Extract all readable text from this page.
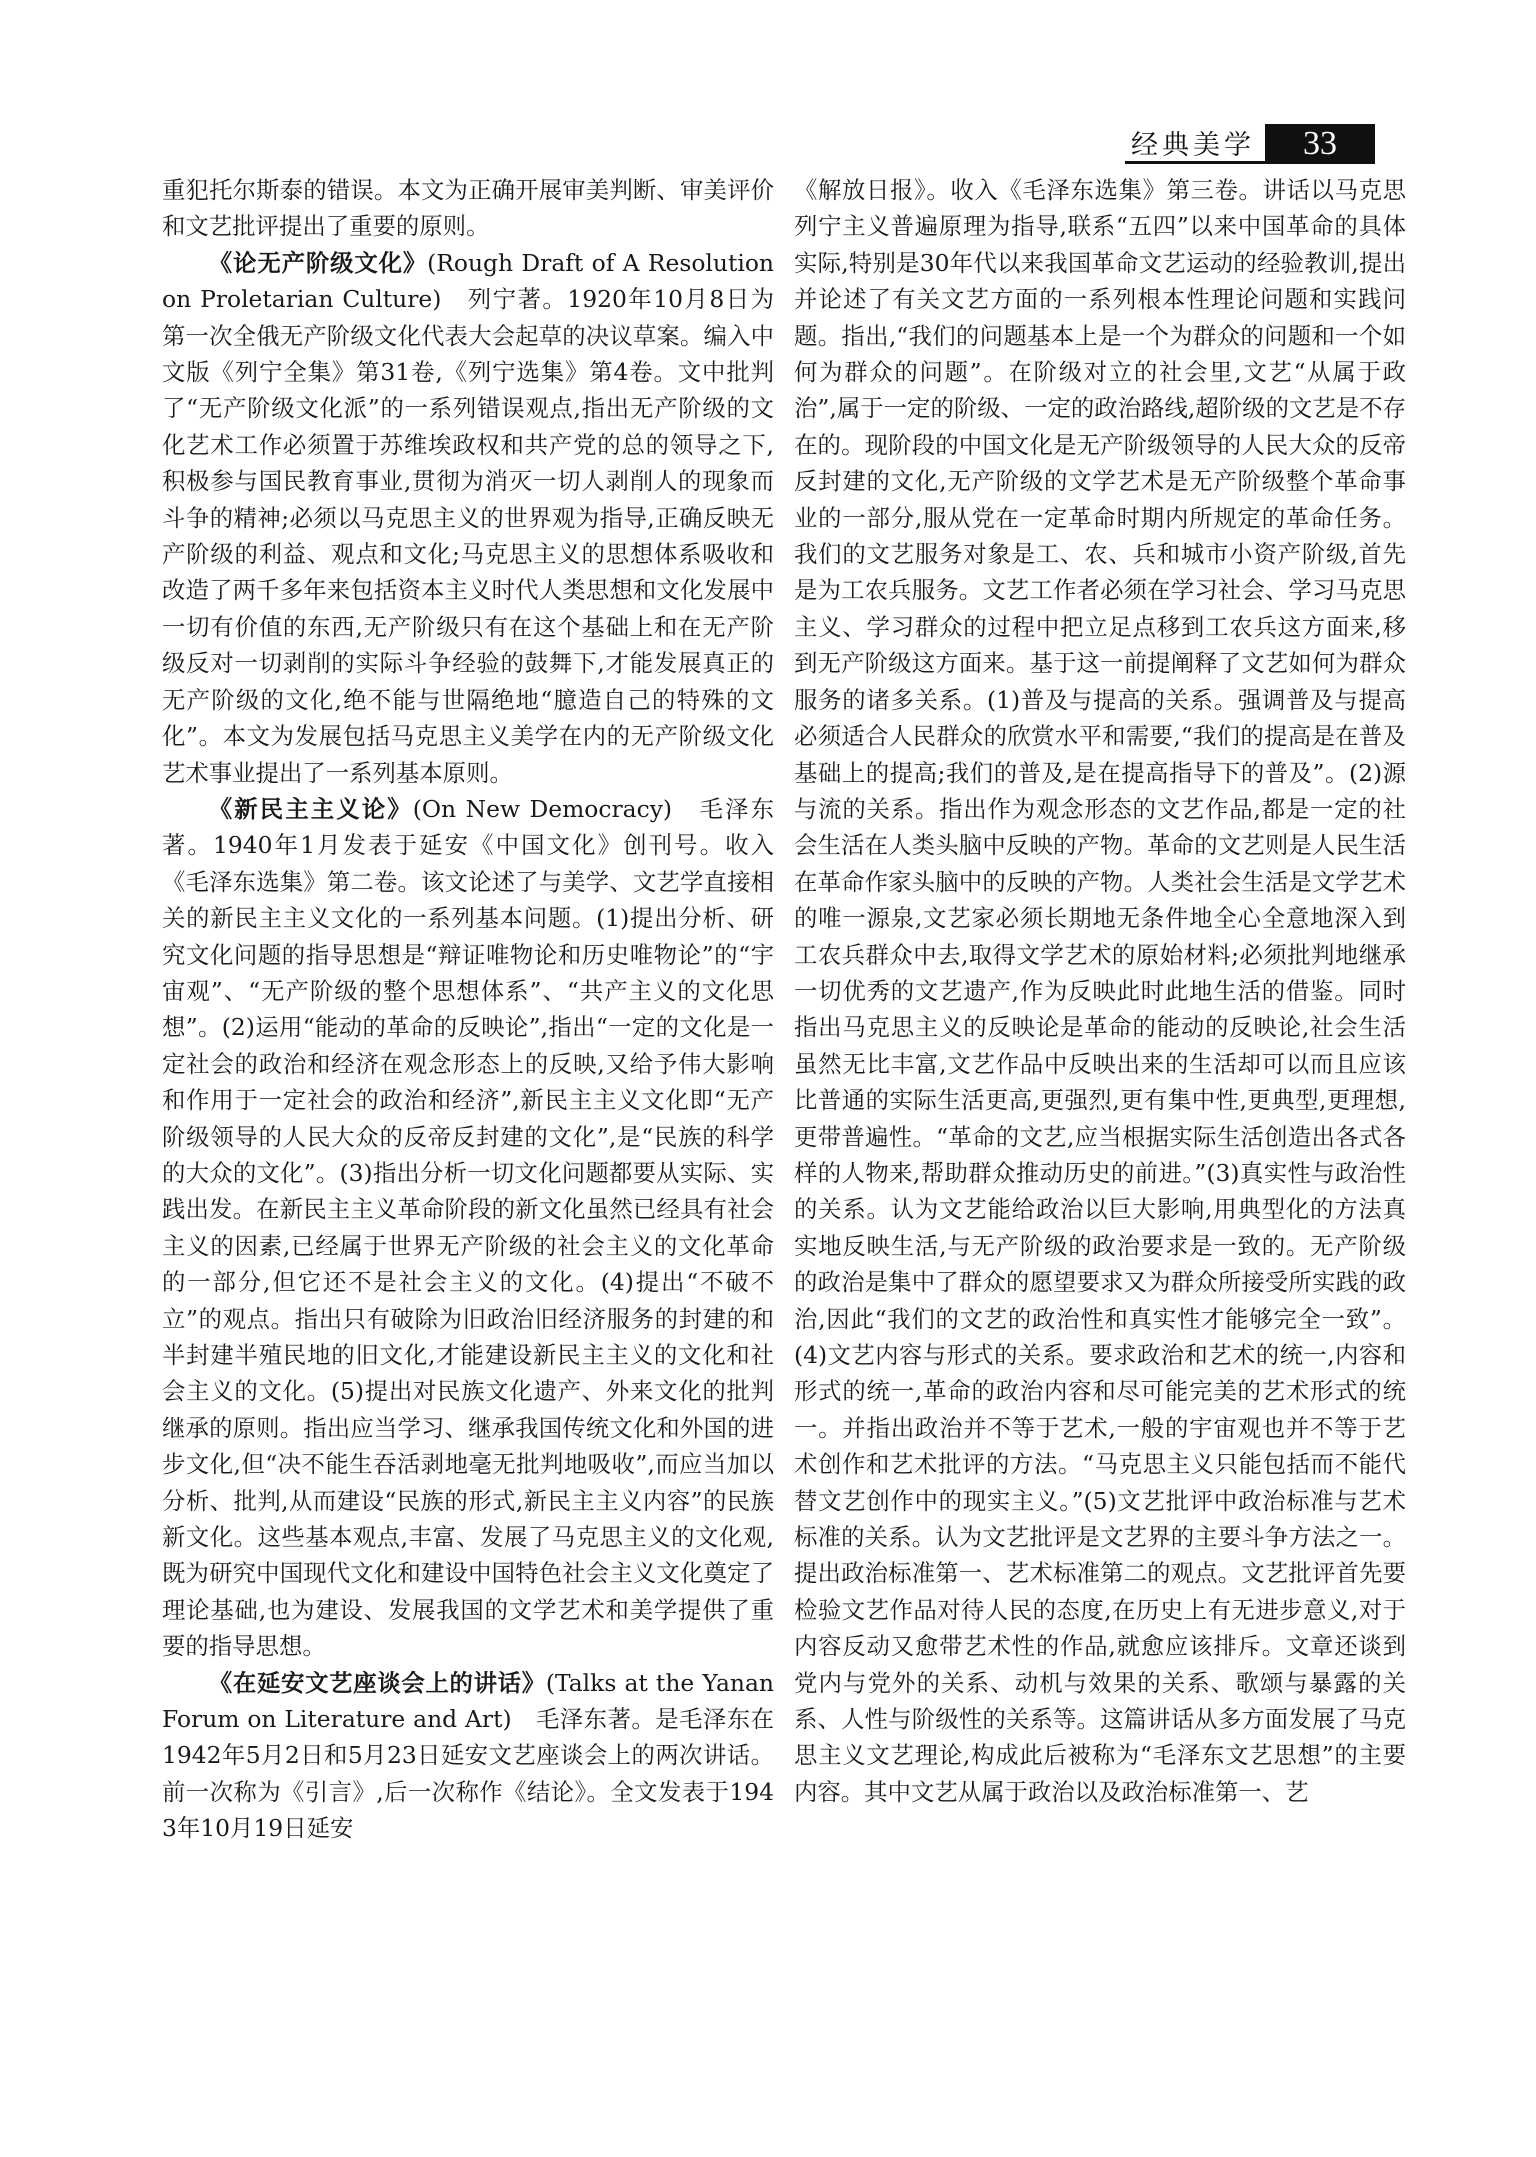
经典美学	33

重犯托尔斯泰的错误。本文为正确开展审美判断、审美评价和文艺批评提出了重要的原则。

《论无产阶级文化》(Rough Draft of A Resolution on Proletarian Culture)　列宁著。1920年10月8日为第一次全俄无产阶级文化代表大会起草的决议草案。编入中文版《列宁全集》第31卷,《列宁选集》第4卷。文中批判了“无产阶级文化派”的一系列错误观点,指出无产阶级的文化艺术工作必须置于苏维埃政权和共产党的总的领导之下,积极参与国民教育事业,贯彻为消灭一切人剥削人的现象而斗争的精神;必须以马克思主义的世界观为指导,正确反映无产阶级的利益、观点和文化;马克思主义的思想体系吸收和改造了两千多年来包括资本主义时代人类思想和文化发展中一切有价值的东西,无产阶级只有在这个基础上和在无产阶级反对一切剥削的实际斗争经验的鼓舞下,才能发展真正的无产阶级的文化,绝不能与世隔绝地“臆造自己的特殊的文化”。本文为发展包括马克思主义美学在内的无产阶级文化艺术事业提出了一系列基本原则。

《新民主主义论》(On New Democracy)　毛泽东著。1940年1月发表于延安《中国文化》创刊号。收入《毛泽东选集》第二卷。该文论述了与美学、文艺学直接相关的新民主主义文化的一系列基本问题。(1)提出分析、研究文化问题的指导思想是“辩证唯物论和历史唯物论”的“宇宙观”、“无产阶级的整个思想体系”、“共产主义的文化思想”。(2)运用“能动的革命的反映论”,指出“一定的文化是一定社会的政治和经济在观念形态上的反映,又给予伟大影响和作用于一定社会的政治和经济”,新民主主义文化即“无产阶级领导的人民大众的反帝反封建的文化”,是“民族的科学的大众的文化”。(3)指出分析一切文化问题都要从实际、实践出发。在新民主主义革命阶段的新文化虽然已经具有社会主义的因素,已经属于世界无产阶级的社会主义的文化革命的一部分,但它还不是社会主义的文化。(4)提出“不破不立”的观点。指出只有破除为旧政治旧经济服务的封建的和半封建半殖民地的旧文化,才能建设新民主主义的文化和社会主义的文化。(5)提出对民族文化遗产、外来文化的批判继承的原则。指出应当学习、继承我国传统文化和外国的进步文化,但“决不能生吞活剥地毫无批判地吸收”,而应当加以分析、批判,从而建设“民族的形式,新民主主义内容”的民族新文化。这些基本观点,丰富、发展了马克思主义的文化观,既为研究中国现代文化和建设中国特色社会主义文化奠定了理论基础,也为建设、发展我国的文学艺术和美学提供了重要的指导思想。

《在延安文艺座谈会上的讲话》(Talks at the Yanan Forum on Literature and Art)　毛泽东著。是毛泽东在1942年5月2日和5月23日延安文艺座谈会上的两次讲话。前一次称为《引言》,后一次称作《结论》。全文发表于1943年10月19日延安

《解放日报》。收入《毛泽东选集》第三卷。讲话以马克思列宁主义普遍原理为指导,联系“五四”以来中国革命的具体实际,特别是30年代以来我国革命文艺运动的经验教训,提出并论述了有关文艺方面的一系列根本性理论问题和实践问题。指出,“我们的问题基本上是一个为群众的问题和一个如何为群众的问题”。在阶级对立的社会里,文艺“从属于政治”,属于一定的阶级、一定的政治路线,超阶级的文艺是不存在的。现阶段的中国文化是无产阶级领导的人民大众的反帝反封建的文化,无产阶级的文学艺术是无产阶级整个革命事业的一部分,服从党在一定革命时期内所规定的革命任务。我们的文艺服务对象是工、农、兵和城市小资产阶级,首先是为工农兵服务。文艺工作者必须在学习社会、学习马克思主义、学习群众的过程中把立足点移到工农兵这方面来,移到无产阶级这方面来。基于这一前提阐释了文艺如何为群众服务的诸多关系。(1)普及与提高的关系。强调普及与提高必须适合人民群众的欣赏水平和需要,“我们的提高是在普及基础上的提高;我们的普及,是在提高指导下的普及”。(2)源与流的关系。指出作为观念形态的文艺作品,都是一定的社会生活在人类头脑中反映的产物。革命的文艺则是人民生活在革命作家头脑中的反映的产物。人类社会生活是文学艺术的唯一源泉,文艺家必须长期地无条件地全心全意地深入到工农兵群众中去,取得文学艺术的原始材料;必须批判地继承一切优秀的文艺遗产,作为反映此时此地生活的借鉴。同时指出马克思主义的反映论是革命的能动的反映论,社会生活虽然无比丰富,文艺作品中反映出来的生活却可以而且应该比普通的实际生活更高,更强烈,更有集中性,更典型,更理想,更带普遍性。“革命的文艺,应当根据实际生活创造出各式各样的人物来,帮助群众推动历史的前进。”(3)真实性与政治性的关系。认为文艺能给政治以巨大影响,用典型化的方法真实地反映生活,与无产阶级的政治要求是一致的。无产阶级的政治是集中了群众的愿望要求又为群众所接受所实践的政治,因此“我们的文艺的政治性和真实性才能够完全一致”。(4)文艺内容与形式的关系。要求政治和艺术的统一,内容和形式的统一,革命的政治内容和尽可能完美的艺术形式的统一。并指出政治并不等于艺术,一般的宇宙观也并不等于艺术创作和艺术批评的方法。“马克思主义只能包括而不能代替文艺创作中的现实主义。”(5)文艺批评中政治标准与艺术标准的关系。认为文艺批评是文艺界的主要斗争方法之一。提出政治标准第一、艺术标准第二的观点。文艺批评首先要检验文艺作品对待人民的态度,在历史上有无进步意义,对于内容反动又愈带艺术性的作品,就愈应该排斥。文章还谈到党内与党外的关系、动机与效果的关系、歌颂与暴露的关系、人性与阶级性的关系等。这篇讲话从多方面发展了马克思主义文艺理论,构成此后被称为“毛泽东文艺思想”的主要内容。其中文艺从属于政治以及政治标准第一、艺
